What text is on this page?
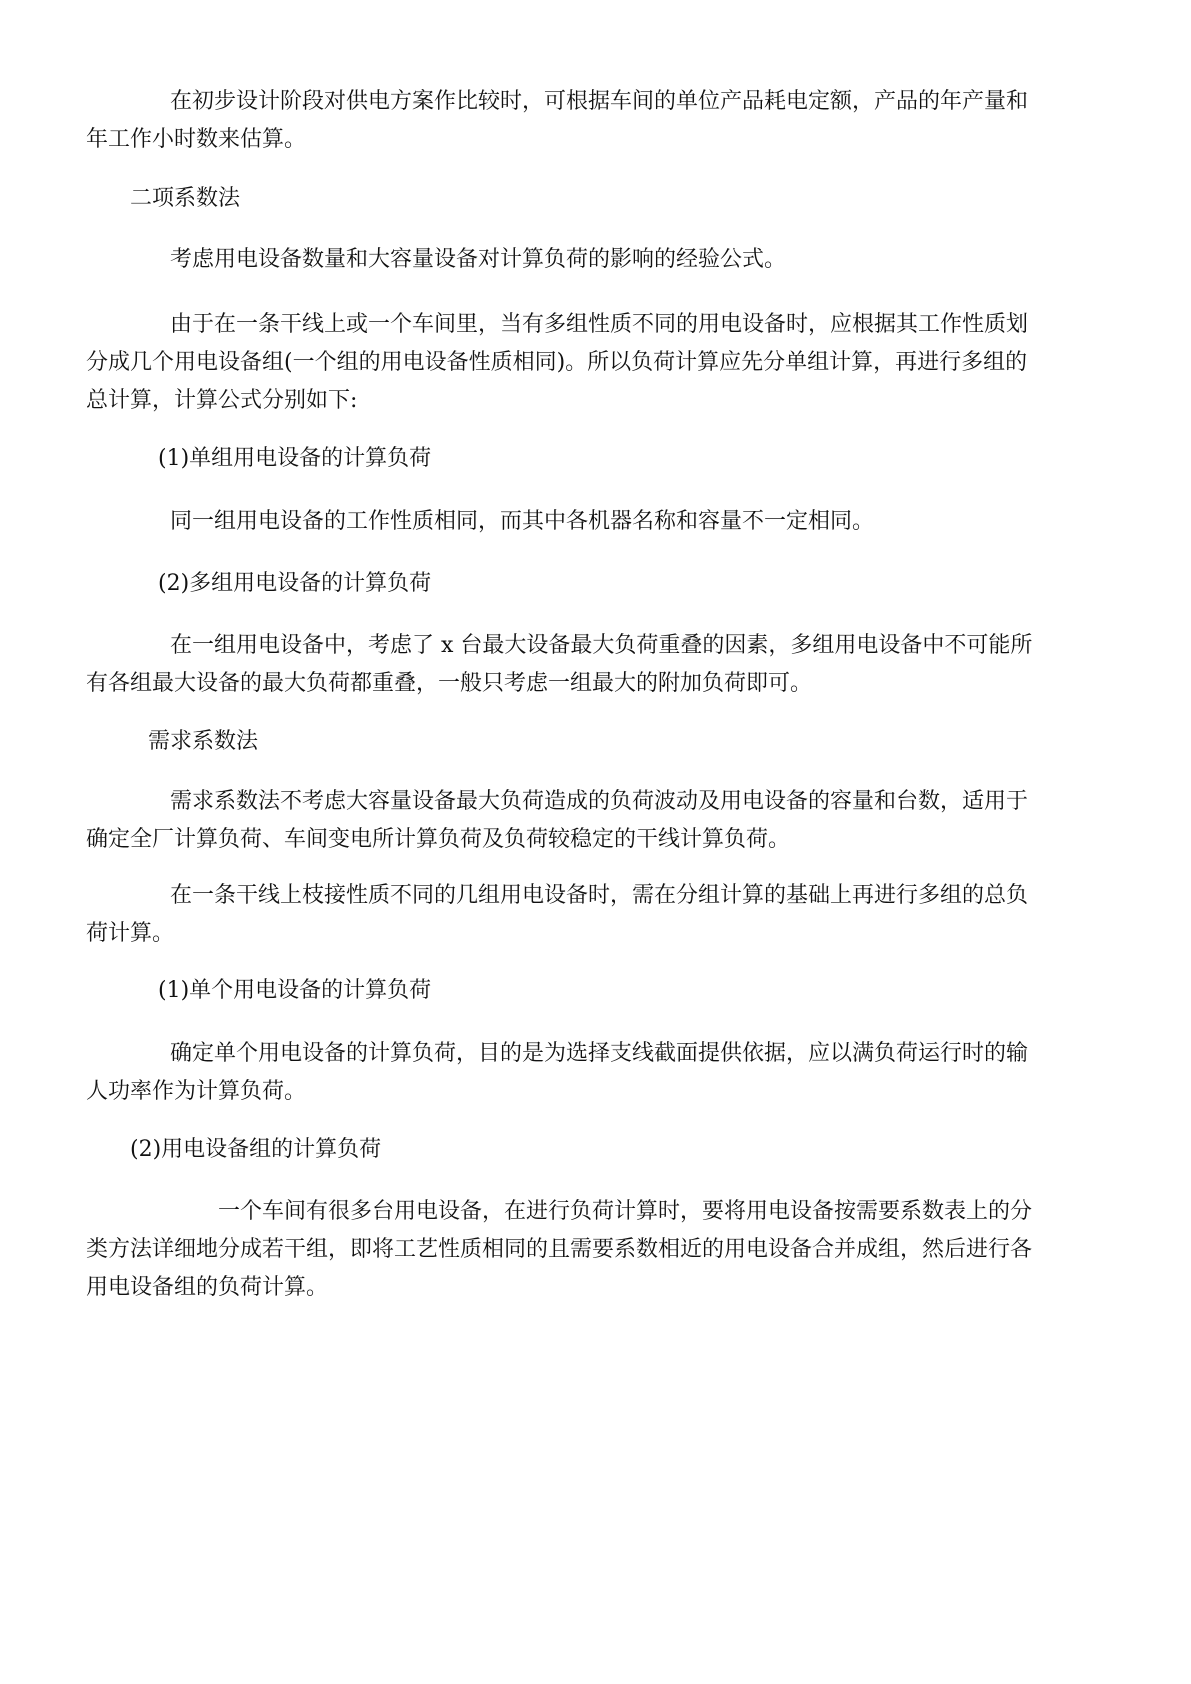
在初步设计阶段对供电方案作比较时，可根据车间的单位产品耗电定额，产品的年产量和
年工作小时数来估算。
二项系数法
考虑用电设备数量和大容量设备对计算负荷的影响的经验公式。
由于在一条干线上或一个车间里，当有多组性质不同的用电设备时，应根据其工作性质划
分成几个用电设备组(一个组的用电设备性质相同)。所以负荷计算应先分单组计算，再进行多组的
总计算，计算公式分别如下:
(1)单组用电设备的计算负荷
同一组用电设备的工作性质相同，而其中各机器名称和容量不一定相同。
(2)多组用电设备的计算负荷
在一组用电设备中，考虑了 x 台最大设备最大负荷重叠的因素，多组用电设备中不可能所
有各组最大设备的最大负荷都重叠，一般只考虑一组最大的附加负荷即可。
需求系数法
需求系数法不考虑大容量设备最大负荷造成的负荷波动及用电设备的容量和台数，适用于
确定全厂计算负荷、车间变电所计算负荷及负荷较稳定的干线计算负荷。
在一条干线上枝接性质不同的几组用电设备时，需在分组计算的基础上再进行多组的总负
荷计算。
(1)单个用电设备的计算负荷
确定单个用电设备的计算负荷，目的是为选择支线截面提供依据，应以满负荷运行时的输
人功率作为计算负荷。
(2)用电设备组的计算负荷
一个车间有很多台用电设备，在进行负荷计算时，要将用电设备按需要系数表上的分
类方法详细地分成若干组，即将工艺性质相同的且需要系数相近的用电设备合并成组，然后进行各
用电设备组的负荷计算。
